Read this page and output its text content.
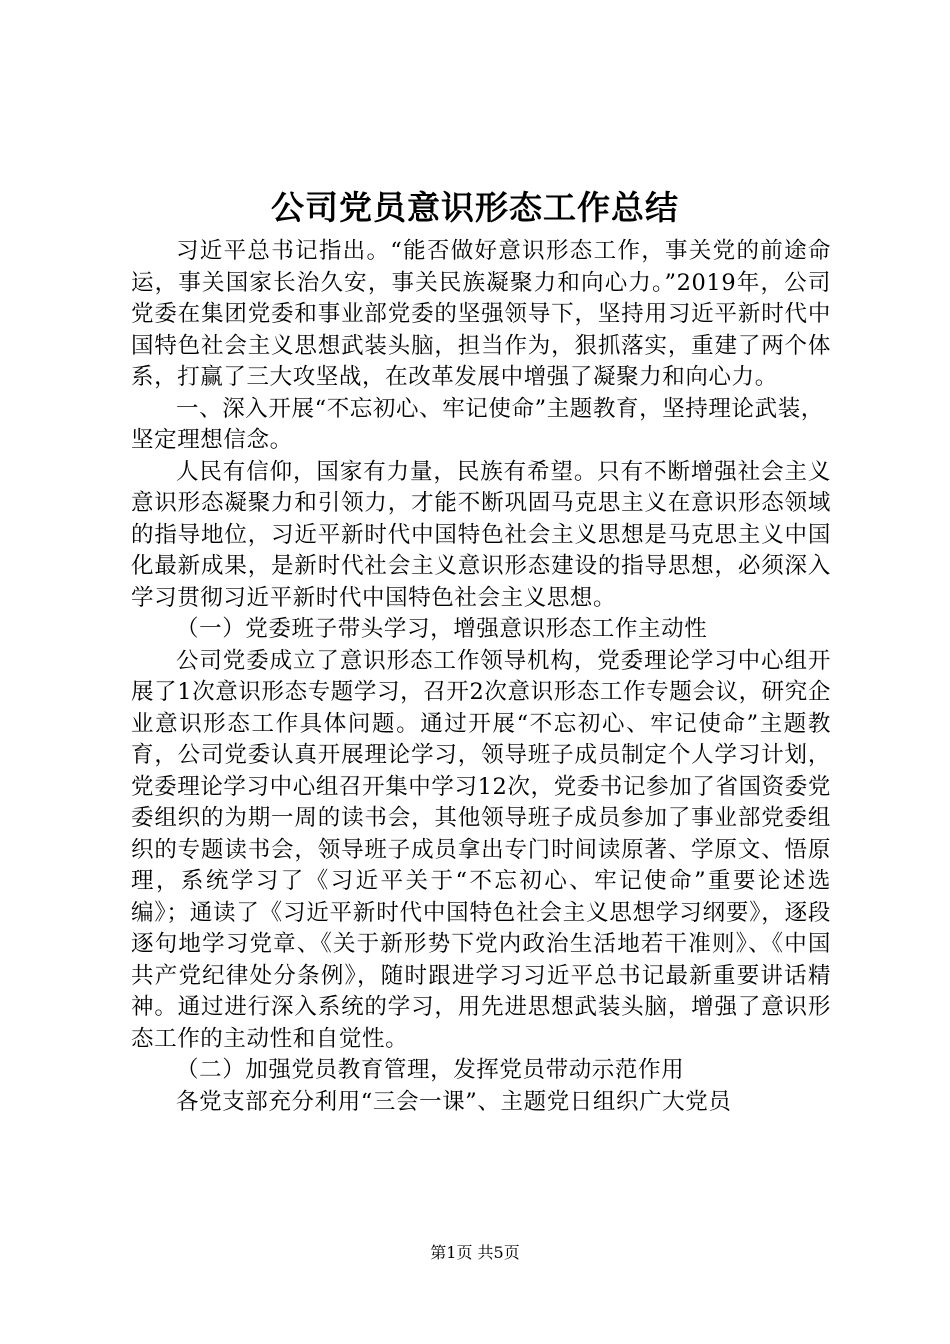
公司党员意识形态工作总结

习近平总书记指出。“能否做好意识形态工作，事关党的前途命运，事关国家长治久安，事关民族凝聚力和向心力。”2019年，公司党委在集团党委和事业部党委的坚强领导下，坚持用习近平新时代中国特色社会主义思想武装头脑，担当作为，狠抓落实，重建了两个体系，打赢了三大攻坚战，在改革发展中增强了凝聚力和向心力。

一、深入开展“不忘初心、牢记使命”主题教育，坚持理论武装，坚定理想信念。

人民有信仰，国家有力量，民族有希望。只有不断增强社会主义意识形态凝聚力和引领力，才能不断巩固马克思主义在意识形态领域的指导地位，习近平新时代中国特色社会主义思想是马克思主义中国化最新成果，是新时代社会主义意识形态建设的指导思想，必须深入学习贯彻习近平新时代中国特色社会主义思想。

（一）党委班子带头学习，增强意识形态工作主动性

公司党委成立了意识形态工作领导机构，党委理论学习中心组开展了1次意识形态专题学习，召开2次意识形态工作专题会议，研究企业意识形态工作具体问题。通过开展“不忘初心、牢记使命”主题教育，公司党委认真开展理论学习，领导班子成员制定个人学习计划，党委理论学习中心组召开集中学习12次，党委书记参加了省国资委党委组织的为期一周的读书会，其他领导班子成员参加了事业部党委组织的专题读书会，领导班子成员拿出专门时间读原著、学原文、悟原理，系统学习了《习近平关于“不忘初心、牢记使命”重要论述选编》；通读了《习近平新时代中国特色社会主义思想学习纲要》，逐段逐句地学习党章、《关于新形势下党内政治生活地若干准则》、《中国共产党纪律处分条例》，随时跟进学习习近平总书记最新重要讲话精神。通过进行深入系统的学习，用先进思想武装头脑，增强了意识形态工作的主动性和自觉性。

（二）加强党员教育管理，发挥党员带动示范作用

各党支部充分利用“三会一课”、主题党日组织广大党员

第1页 共5页
